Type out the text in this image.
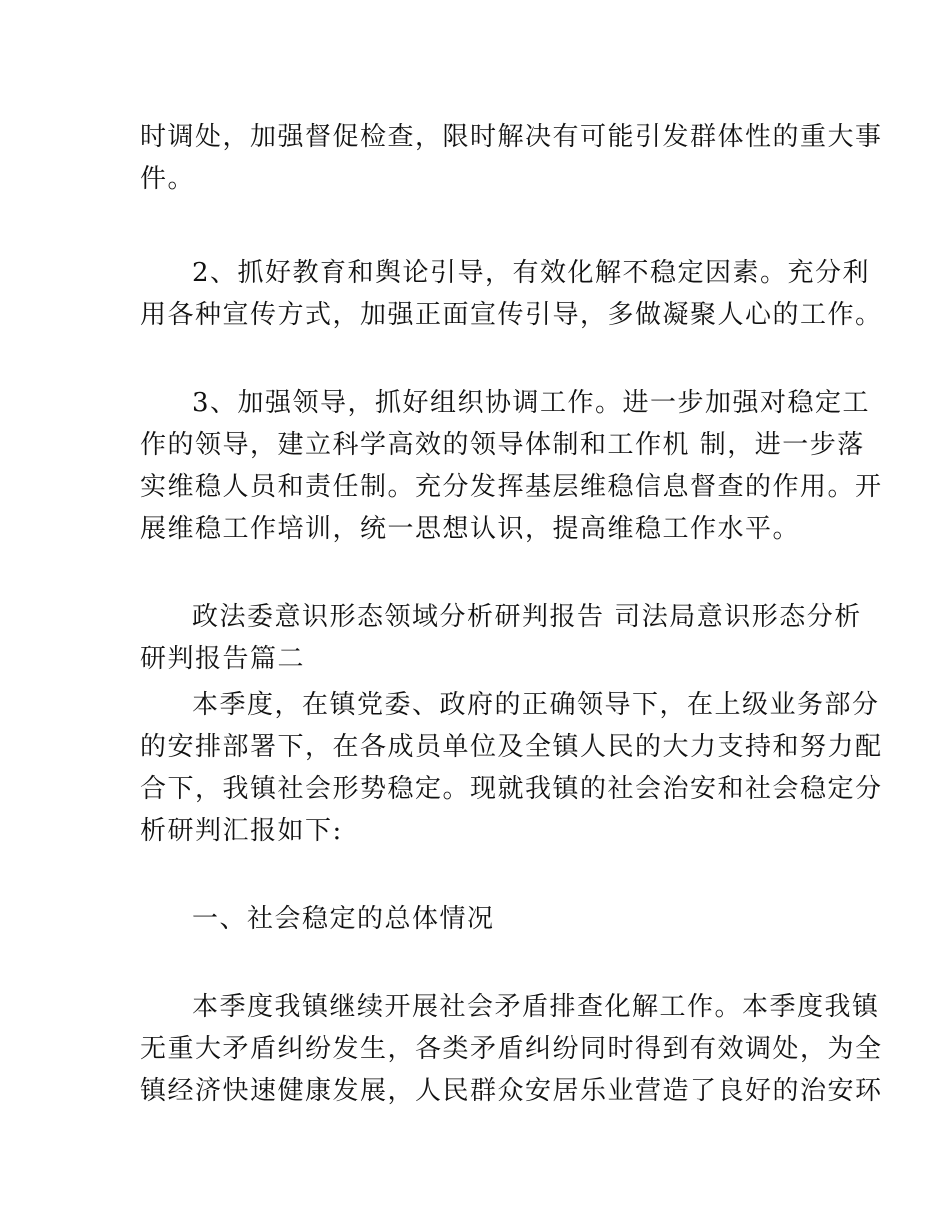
时调处，加强督促检查，限时解决有可能引发群体性的重大事
件。

2、抓好教育和舆论引导，有效化解不稳定因素。充分利
用各种宣传方式，加强正面宣传引导，多做凝聚人心的工作。

3、加强领导，抓好组织协调工作。进一步加强对稳定工
作的领导，建立科学高效的领导体制和工作机 制，进一步落
实维稳人员和责任制。充分发挥基层维稳信息督查的作用。开
展维稳工作培训，统一思想认识，提高维稳工作水平。

政法委意识形态领域分析研判报告 司法局意识形态分析
研判报告篇二

本季度，在镇党委、政府的正确领导下，在上级业务部分
的安排部署下，在各成员单位及全镇人民的大力支持和努力配
合下，我镇社会形势稳定。现就我镇的社会治安和社会稳定分
析研判汇报如下:

一、社会稳定的总体情况

本季度我镇继续开展社会矛盾排查化解工作。本季度我镇
无重大矛盾纠纷发生，各类矛盾纠纷同时得到有效调处，为全
镇经济快速健康发展，人民群众安居乐业营造了良好的治安环
